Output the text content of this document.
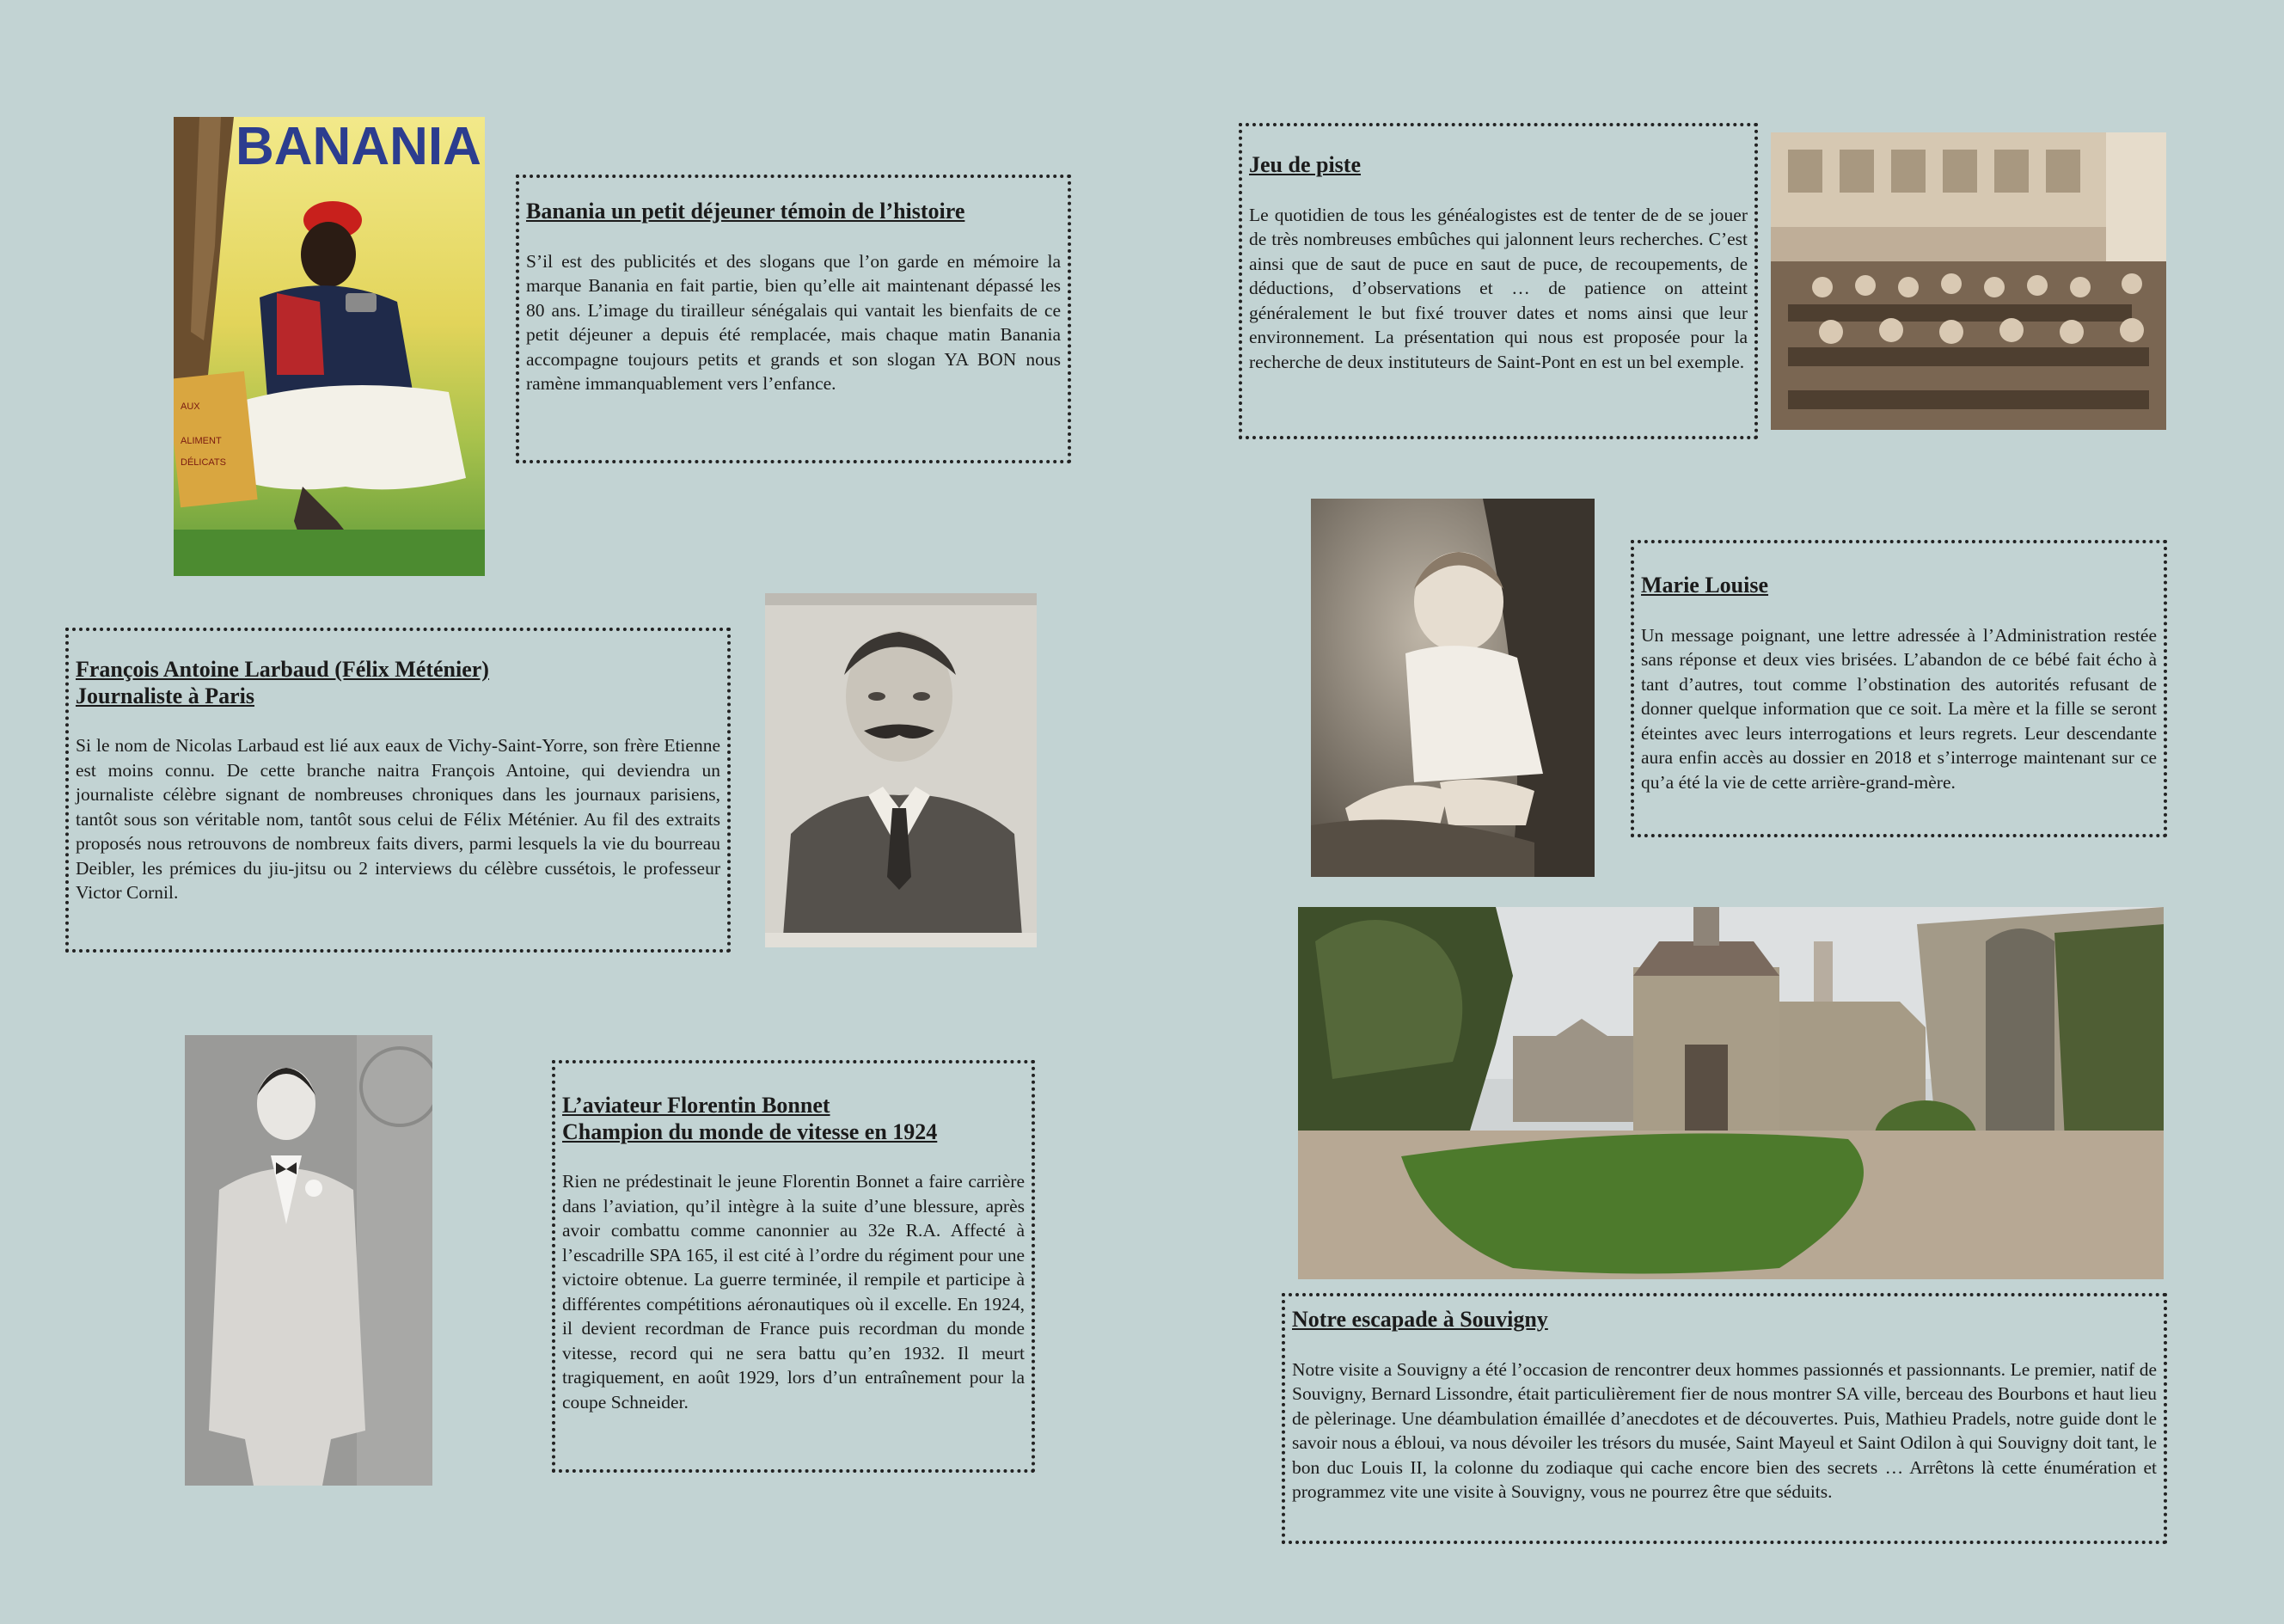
BANANIA
AUX
ALIMENT
DÉLICATS
Banania un petit déjeuner témoin de l’histoire

S’il est des publicités et des slogans que l’on garde en mémoire la marque Banania en fait partie, bien qu’elle ait maintenant dépassé les 80 ans. L’image du tirailleur sénégalais qui vantait les bienfaits de ce petit déjeuner a depuis été remplacée, mais chaque matin Banania accompagne toujours petits et grands et son slogan YA BON nous ramène immanquablement vers l’enfance.

François Antoine Larbaud (Félix Méténier)
Journaliste à Paris

Si le nom de Nicolas Larbaud est lié aux eaux de Vichy-Saint-Yorre, son frère Etienne est moins connu. De cette branche naitra François Antoine, qui deviendra un journaliste célèbre signant de nombreuses chroniques dans les journaux parisiens, tantôt sous son véritable nom, tantôt sous celui de Félix Méténier. Au fil des extraits proposés nous retrouvons de nombreux faits divers, parmi lesquels la vie du bourreau Deibler, les prémices du jiu-jitsu ou 2 interviews du célèbre cussétois, le professeur Victor Cornil.

L’aviateur Florentin Bonnet
Champion du monde de vitesse en 1924

Rien ne prédestinait le jeune Florentin Bonnet a faire carrière dans l’aviation, qu’il intègre à la suite d’une blessure, après avoir combattu comme canonnier au 32e R.A. Affecté à l’escadrille SPA 165, il est cité à l’ordre du régiment pour une victoire obtenue. La guerre terminée, il rempile et participe à différentes compétitions aéronautiques où il excelle. En 1924, il devient recordman de France puis recordman du monde vitesse, record qui ne sera battu qu’en 1932. Il meurt tragiquement, en août 1929, lors d’un entraînement pour la coupe Schneider.

Jeu de piste

Le quotidien de tous les généalogistes est de tenter de de se jouer de très nombreuses embûches qui jalonnent leurs recherches. C’est ainsi que de saut de puce en saut de puce, de recoupements, de déductions, d’observations et … de patience on atteint généralement le but fixé trouver dates et noms ainsi que leur environnement. La présentation qui nous est proposée pour la recherche de deux instituteurs de Saint-Pont en est un bel exemple.

Marie Louise

Un message poignant, une lettre adressée à l’Administration restée sans réponse et deux vies brisées. L’abandon de ce bébé fait écho à tant d’autres, tout comme l’obstination des autorités refusant de donner quelque information que ce soit. La mère et la fille se seront éteintes avec leurs interrogations et leurs regrets. Leur descendante aura enfin accès au dossier en 2018 et s’interroge maintenant sur ce qu’a été la vie de cette arrière-grand-mère.

Notre escapade à Souvigny

Notre visite a Souvigny a été l’occasion de rencontrer deux hommes passionnés et passionnants. Le premier, natif de Souvigny, Bernard Lissondre, était particulièrement fier de nous montrer SA ville, berceau des Bourbons et haut lieu de pèlerinage. Une déambulation émaillée d’anecdotes et de découvertes. Puis, Mathieu Pradels, notre guide dont le savoir nous a ébloui, va nous dévoiler les trésors du musée, Saint Mayeul et Saint Odilon à qui Souvigny doit tant, le bon duc Louis II, la colonne du zodiaque qui cache encore bien des secrets … Arrêtons là cette énumération et programmez vite une visite à Souvigny, vous ne pourrez être que séduits.
